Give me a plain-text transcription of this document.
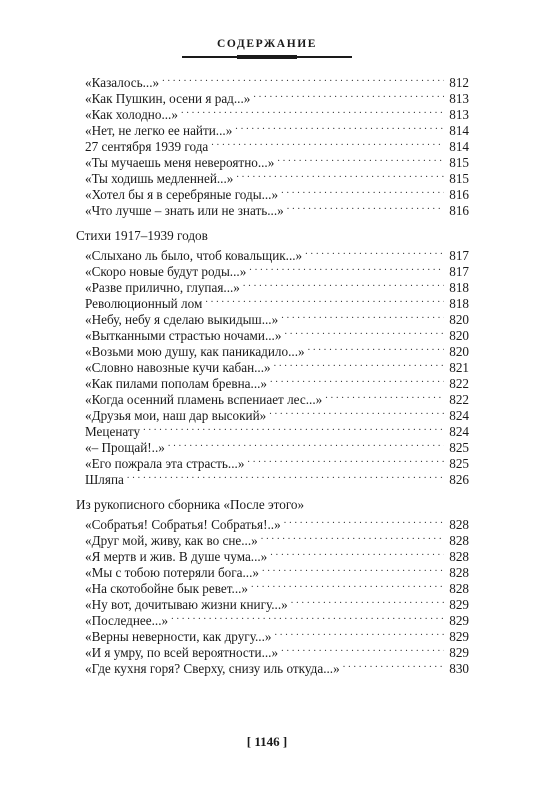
СОДЕРЖАНИЕ
«Казалось...» . . .	812
«Как Пушкин, осени я рад...» . . .	813
«Как холодно...» . . .	813
«Нет, не легко ее найти...» . . .	814
27 сентября 1939 года . . .	814
«Ты мучаешь меня невероятно...» . . .	815
«Ты ходишь медленней...» . . .	815
«Хотел бы я в серебряные годы...» . . .	816
«Что лучше – знать или не знать...» . . .	816
Стихи 1917–1939 годов
«Слыхано ль было, чтоб ковальщик...» . . .	817
«Скоро новые будут роды...» . . .	817
«Разве прилично, глупая...» . . .	818
Революционный лом . . .	818
«Небу, небу я сделаю выкидыш...» . . .	820
«Вытканными страстью ночами...» . . .	820
«Возьми мою душу, как паникадило...» . . .	820
«Словно навозные кучи кабан...» . . .	821
«Как пилами пополам бревна...» . . .	822
«Когда осенний пламень вспениает лес...» . . .	822
«Друзья мои, наш дар высокий» . . .	824
Меценату . . .	824
«– Прощай!..» . . .	825
«Его пожрала эта страсть...» . . .	825
Шляпа . . .	826
Из рукописного сборника «После этого»
«Собратья! Собратья! Собратья!..» . . .	828
«Друг мой, живу, как во сне...» . . .	828
«Я мертв и жив. В душе чума...» . . .	828
«Мы с тобою потеряли бога...» . . .	828
«На скотобойне бык ревет...» . . .	828
«Ну вот, дочитываю жизни книгу...» . . .	829
«Последнее...» . . .	829
«Верны неверности, как другу...» . . .	829
«И я умру, по всей вероятности...» . . .	829
«Где кухня горя? Сверху, снизу иль откуда...» . . .	830
[ 1146 ]
